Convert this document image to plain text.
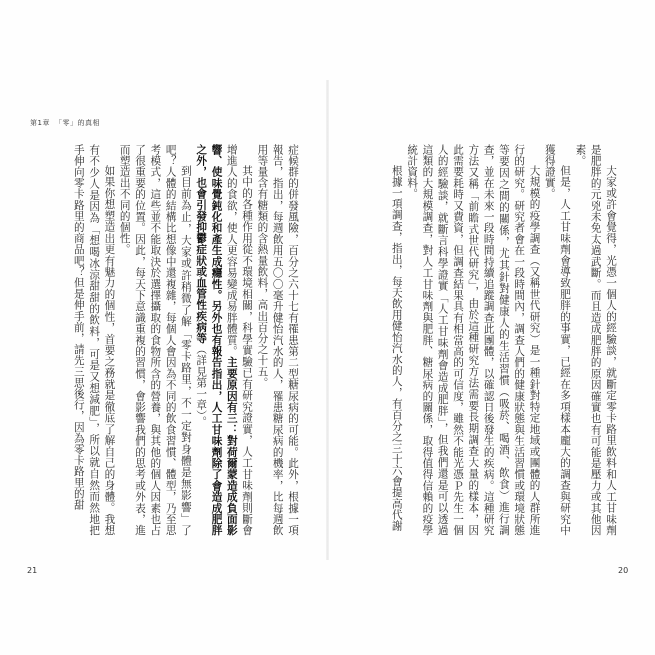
第1章 「零」的真相

症候群的併發風險，百分之六十七有罹患第二型糖尿病的可能。此外，根據一項報告，指出，每週飲用五〇〇毫升健怡汽水的人，罹患糖尿病的機率，比每週飲用等量含有糖類的含熱量飲料，高出百分之十五。

其中的各種作用從不環境相關，科學實驗已有研究證實，人工甘味劑則斷會增進人的食欲，使人更容易變成易胖體質。主要原因有三：對荷爾蒙造成負面影響、使味覺鈍化和產生成癮性。另外也有報告指出，人工甘味劑除了會造成肥胖之外，也會引發抑鬱症狀或血管性疾病等（詳見第一章）。

到目前為止，大家或許稍微了解「零卡路里，不一定對身體是無影響」了吧？人體的結構比想像中還複雜，每個人會因為不同的飲食習慣、體型，乃至思考模式，這些並不能取決於選擇攝取的食物所含的營養，與其他的個人因素也占了很重要的位置。因此，每天下意識重複的習慣，會影響我們的思考或外表，進而塑造出不同的個性。

如果你想塑造出更有魅力的個性，首要之務就是徹底了解自己的身體。我想有不少人是因為「想喝冰涼甜甜的飲料，可是又想減肥」，所以就自然而然地把手伸向零卡路里的商品吧？但是伸手前，請先三思後行，因為零卡路里的甜

21

大家或許會覺得，光憑一個人的經驗談，就斷定零卡路里飲料和人工甘味劑是肥胖的元兇未免太過武斷。而且造成肥胖的原因確實也有可能是壓力或其他因素。

但是，人工甘味劑會導致肥胖的事實，已經在多項樣本龐大的調查與研究中獲得證實。

大規模的疫學調查（又稱世代研究）是一種針對特定地域或團體的人群所進行的研究。研究者會在一段時間內，調查人們的健康狀態與生活習慣或環境狀態等要因之間的關係，尤其針對健康人的生活習慣（吸菸、喝酒、飲食）進行調查，並在未來一段時間持續追蹤調查此團體，以確認日後發生的疾病。這種研究方法又稱「前瞻式世代研究」，由於這種研究方法需要長期調查大量的樣本，因此需要耗時又費資，但調查結果具有相當高的可信度，雖然不能光憑Ｐ先生一個人的經驗談，就斷言科學證實「人工甘味劑會造成肥胖」，但我們還是可以透過這類的大規模調查，對人工甘味劑與肥胖、糖尿病的關係，取得值得信賴的疫學統計資料。

根據一項調查，指出，每天飲用健怡汽水的人，有百分之三十六會提高代謝

20
